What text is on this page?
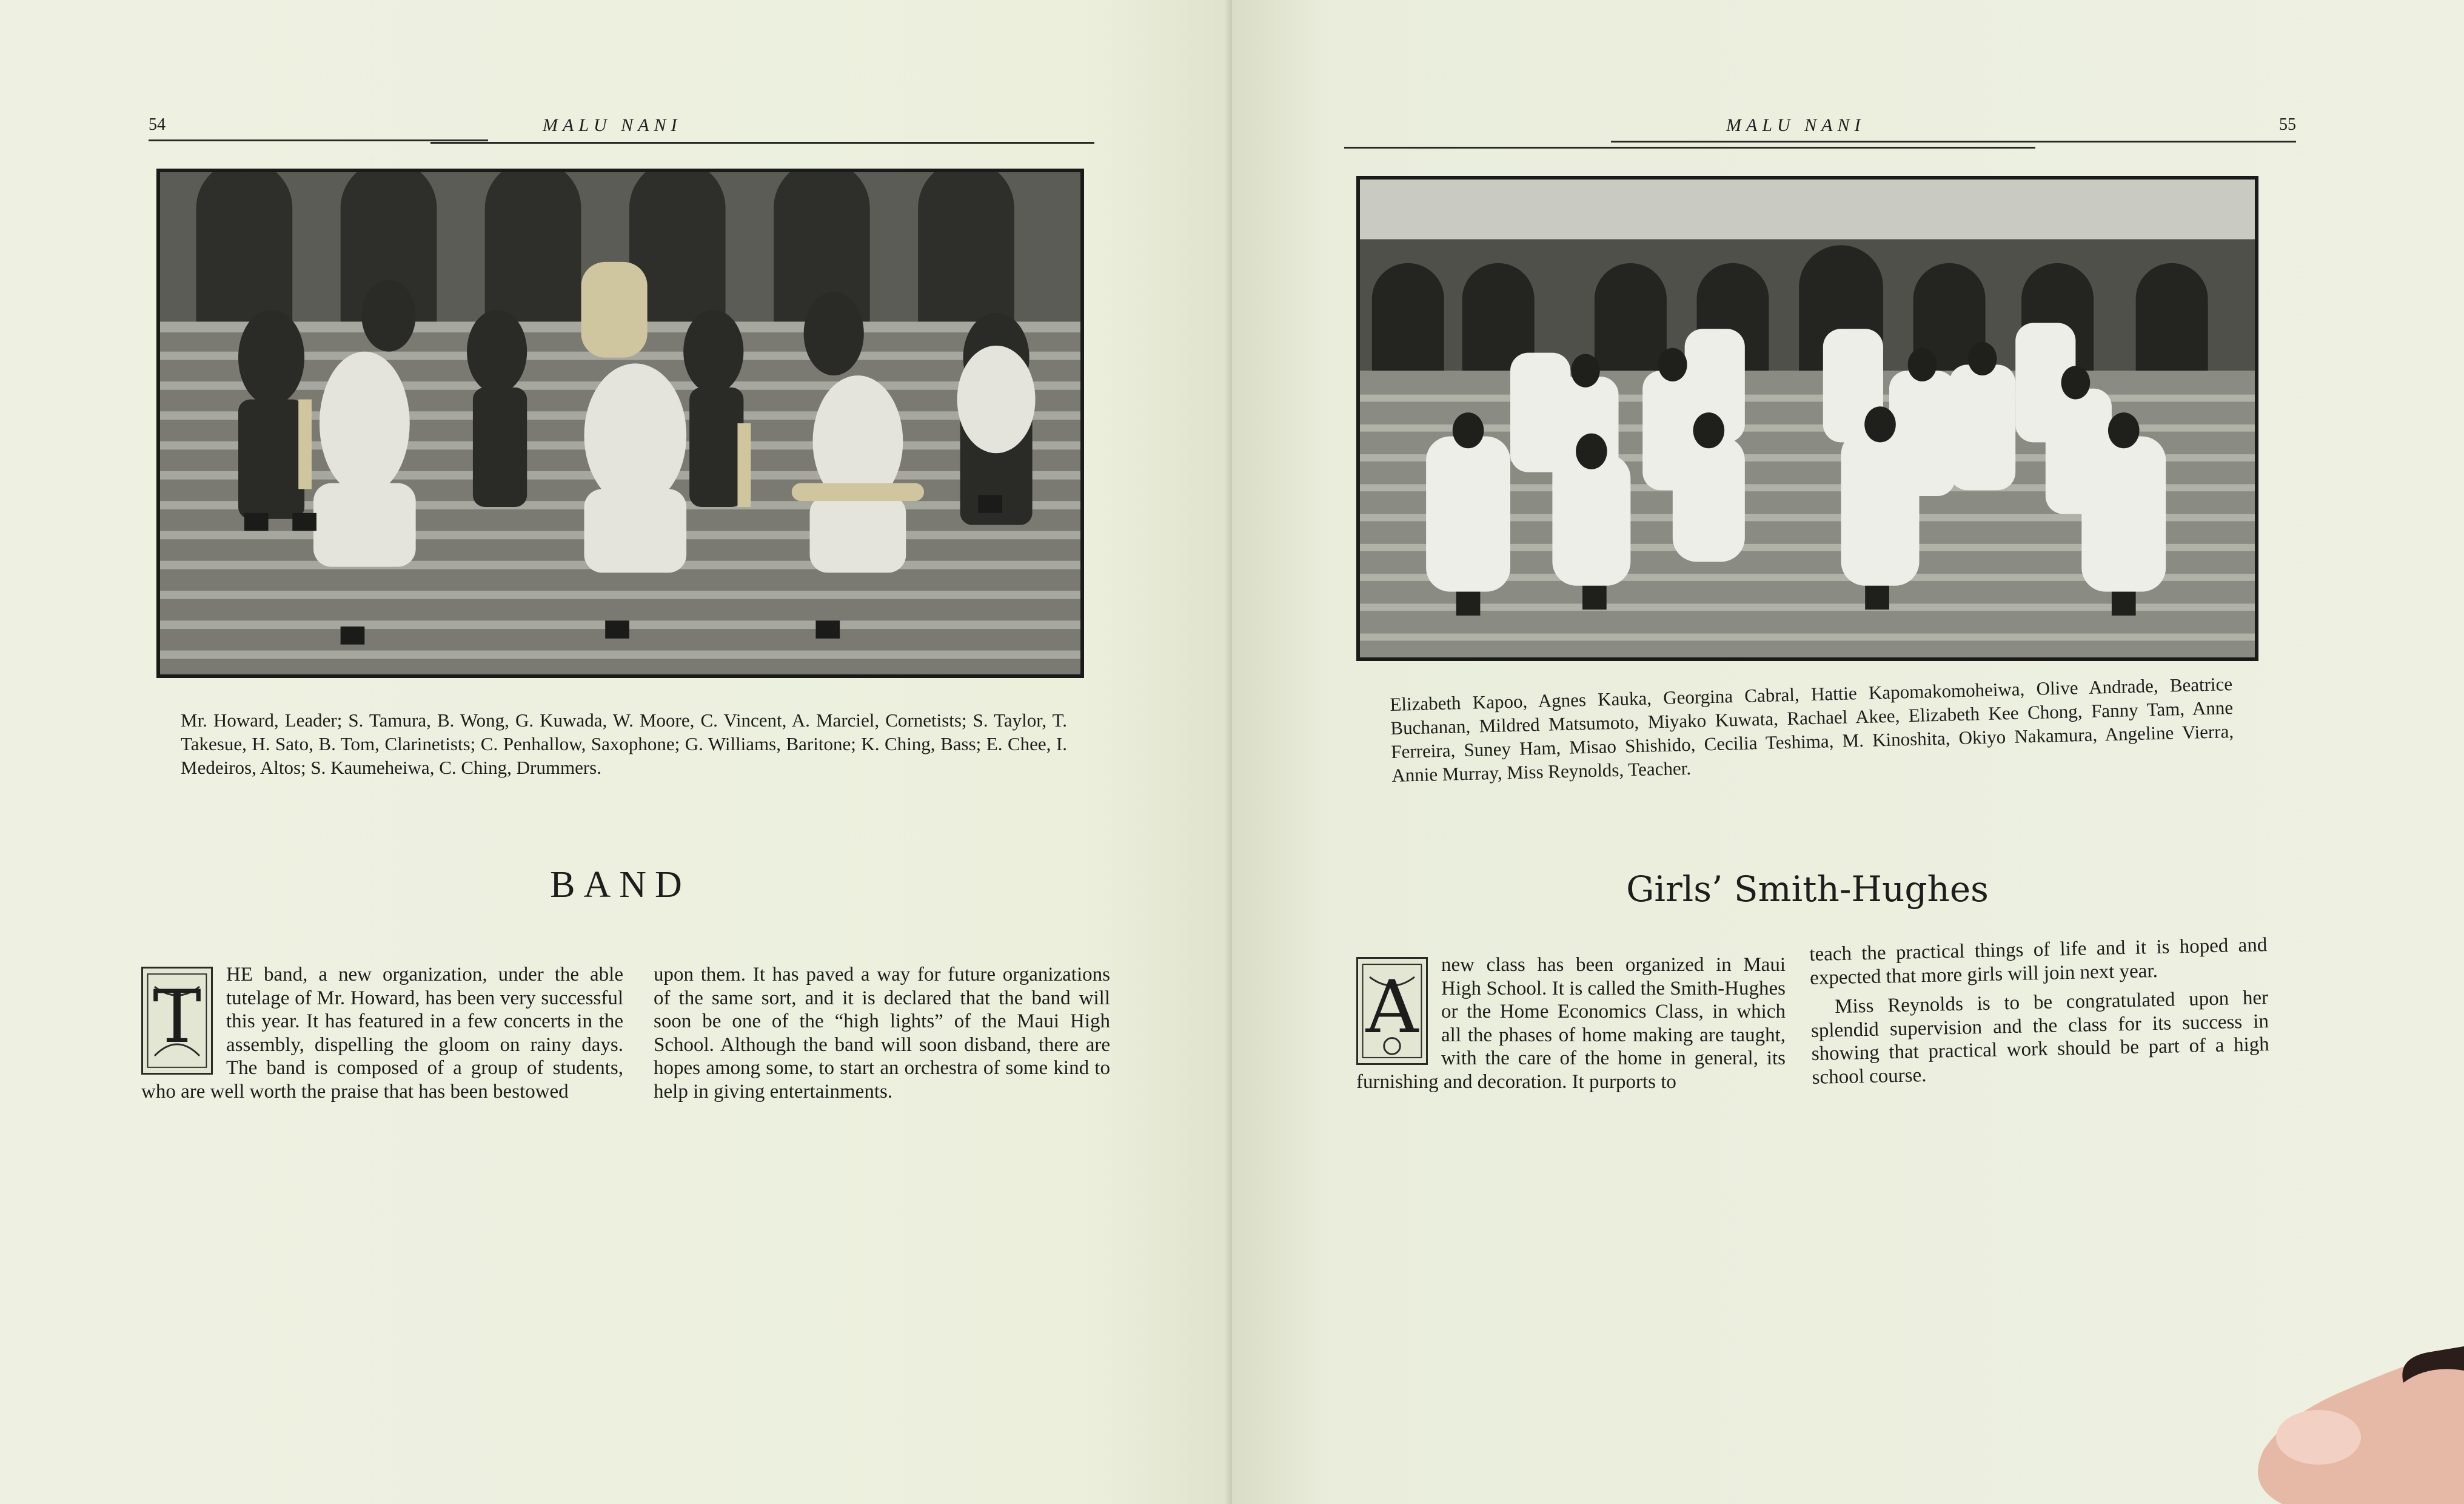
54	MALU NANI
Mr. Howard, Leader; S. Tamura, B. Wong, G. Kuwada, W. Moore, C. Vincent, A. Marciel, Cornetists; S. Taylor, T. Takesue, H. Sato, B. Tom, Clarinetists; C. Penhallow, Saxophone; G. Williams, Baritone; K. Ching, Bass; E. Chee, I. Medeiros, Altos; S. Kaumeheiwa, C. Ching, Drummers.
BAND
T
HE band, a new organization, under the able tutelage of Mr. Howard, has been very successful this year. It has featured in a few concerts in the assembly, dispelling the gloom on rainy days. The band is composed of a group of students, who are well worth the praise that has been bestowed
upon them. It has paved a way for future organizations of the same sort, and it is declared that the band will soon be one of the “high lights” of the Maui High School. Although the band will soon disband, there are hopes among some, to start an orchestra of some kind to help in giving entertainments.
MALU NANI	55
Elizabeth Kapoo, Agnes Kauka, Georgina Cabral, Hattie Kapomakomoheiwa, Olive Andrade, Beatrice Buchanan, Mildred Matsumoto, Miyako Kuwata, Rachael Akee, Elizabeth Kee Chong, Fanny Tam, Anne Ferreira, Suney Ham, Misao Shishido, Cecilia Teshima, M. Kinoshita, Okiyo Nakamura, Angeline Vierra, Annie Murray, Miss Reynolds, Teacher.
Girls’ Smith-Hughes
A
new class has been organized in Maui High School. It is called the Smith-Hughes or the Home Economics Class, in which all the phases of home making are taught, with the care of the home in general, its furnishing and decoration. It purports to

teach the practical things of life and it is hoped and expected that more girls will join next year.

Miss Reynolds is to be congratulated upon her splendid supervision and the class for its success in showing that practical work should be part of a high school course.
